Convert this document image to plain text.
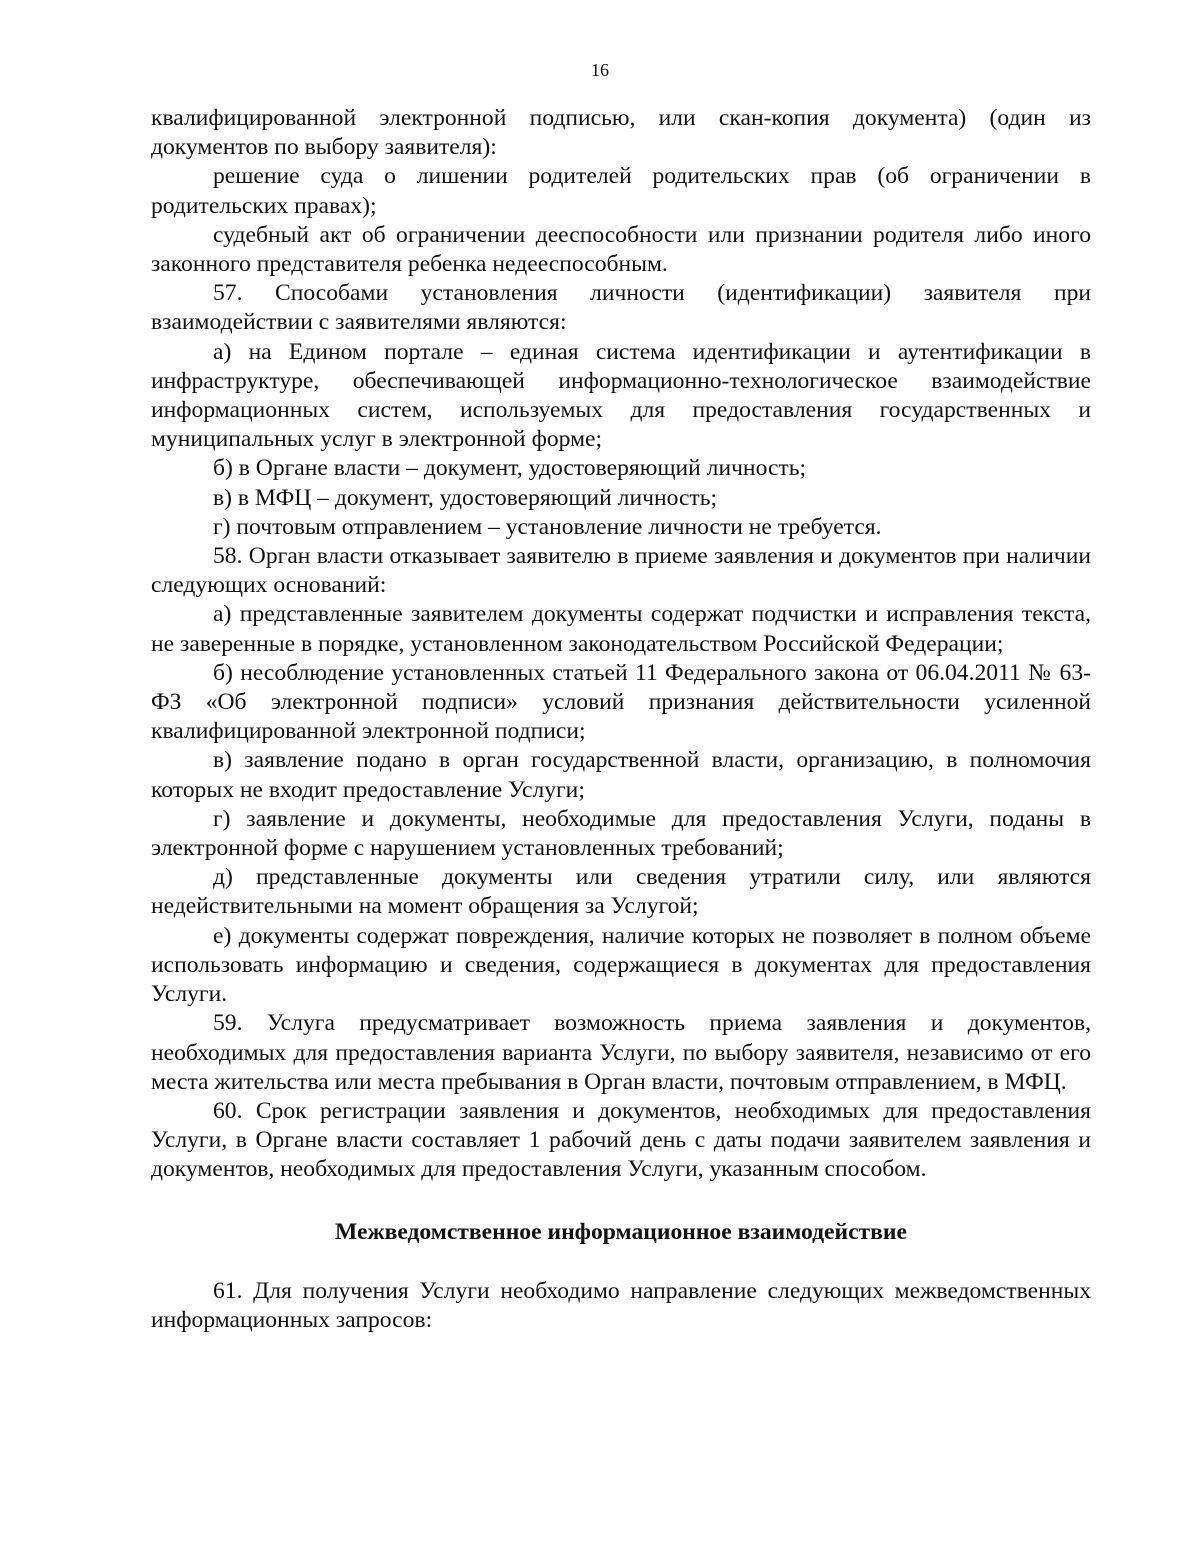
16

квалифицированной электронной подписью, или скан-копия документа) (один из документов по выбору заявителя):

решение суда о лишении родителей родительских прав (об ограничении в родительских правах);

судебный акт об ограничении дееспособности или признании родителя либо иного законного представителя ребенка недееспособным.

57. Способами установления личности (идентификации) заявителя при взаимодействии с заявителями являются:

а) на Едином портале – единая система идентификации и аутентификации в инфраструктуре, обеспечивающей информационно-технологическое взаимодействие информационных систем, используемых для предоставления государственных и муниципальных услуг в электронной форме;

б) в Органе власти – документ, удостоверяющий личность;

в) в МФЦ – документ, удостоверяющий личность;

г) почтовым отправлением – установление личности не требуется.

58. Орган власти отказывает заявителю в приеме заявления и документов при наличии следующих оснований:

а) представленные заявителем документы содержат подчистки и исправления текста, не заверенные в порядке, установленном законодательством Российской Федерации;

б) несоблюдение установленных статьей 11 Федерального закона от 06.04.2011 № 63-ФЗ «Об электронной подписи» условий признания действительности усиленной квалифицированной электронной подписи;

в) заявление подано в орган государственной власти, организацию, в полномочия которых не входит предоставление Услуги;

г) заявление и документы, необходимые для предоставления Услуги, поданы в электронной форме с нарушением установленных требований;

д) представленные документы или сведения утратили силу, или являются недействительными на момент обращения за Услугой;

е) документы содержат повреждения, наличие которых не позволяет в полном объеме использовать информацию и сведения, содержащиеся в документах для предоставления Услуги.

59. Услуга предусматривает возможность приема заявления и документов, необходимых для предоставления варианта Услуги, по выбору заявителя, независимо от его места жительства или места пребывания в Орган власти, почтовым отправлением, в МФЦ.

60. Срок регистрации заявления и документов, необходимых для предоставления Услуги, в Органе власти составляет 1 рабочий день с даты подачи заявителем заявления и документов, необходимых для предоставления Услуги, указанным способом.

Межведомственное информационное взаимодействие

61. Для получения Услуги необходимо направление следующих межведомственных информационных запросов:
